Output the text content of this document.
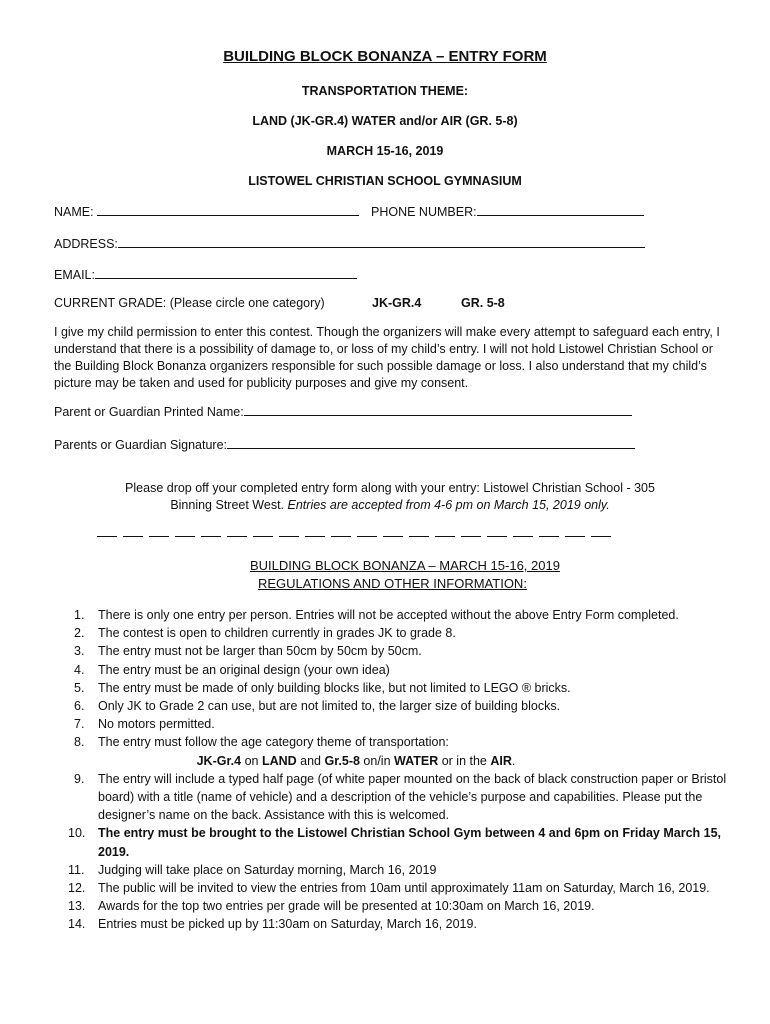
BUILDING BLOCK BONANZA – ENTRY FORM
TRANSPORTATION THEME:
LAND (JK-GR.4) WATER and/or AIR (GR. 5-8)
MARCH 15-16, 2019
LISTOWEL CHRISTIAN SCHOOL GYMNASIUM
NAME:	PHONE NUMBER:
ADDRESS:
EMAIL:
CURRENT GRADE: (Please circle one category)	JK-GR.4	GR. 5-8
I give my child permission to enter this contest. Though the organizers will make every attempt to safeguard each entry, I understand that there is a possibility of damage to, or loss of my child’s entry. I will not hold Listowel Christian School or the Building Block Bonanza organizers responsible for such possible damage or loss. I also understand that my child’s picture may be taken and used for publicity purposes and give my consent.
Parent or Guardian Printed Name:
Parents or Guardian Signature:
Please drop off your completed entry form along with your entry: Listowel Christian School - 305 Binning Street West. Entries are accepted from 4-6 pm on March 15, 2019 only.
BUILDING BLOCK BONANZA – MARCH 15-16, 2019
REGULATIONS AND OTHER INFORMATION:
1. There is only one entry per person. Entries will not be accepted without the above Entry Form completed.
2. The contest is open to children currently in grades JK to grade 8.
3. The entry must not be larger than 50cm by 50cm by 50cm.
4. The entry must be an original design (your own idea)
5. The entry must be made of only building blocks like, but not limited to LEGO ® bricks.
6. Only JK to Grade 2 can use, but are not limited to, the larger size of building blocks.
7. No motors permitted.
8. The entry must follow the age category theme of transportation:
JK-Gr.4 on LAND and Gr.5-8 on/in WATER or in the AIR.
9. The entry will include a typed half page (of white paper mounted on the back of black construction paper or Bristol board) with a title (name of vehicle) and a description of the vehicle’s purpose and capabilities. Please put the designer’s name on the back. Assistance with this is welcomed.
10. The entry must be brought to the Listowel Christian School Gym between 4 and 6pm on Friday March 15, 2019.
11. Judging will take place on Saturday morning, March 16, 2019
12. The public will be invited to view the entries from 10am until approximately 11am on Saturday, March 16, 2019.
13. Awards for the top two entries per grade will be presented at 10:30am on March 16, 2019.
14. Entries must be picked up by 11:30am on Saturday, March 16, 2019.
